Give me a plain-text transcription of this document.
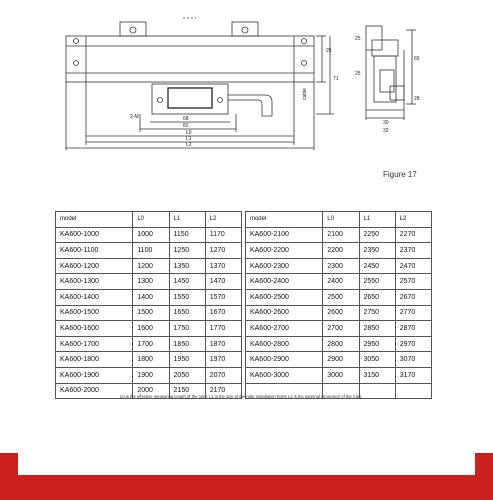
68
82
L0
L1
L2
2-M
25
71
65
30
32
28
25
25
cable
Figure 17
model	L0	L1	L2		model	L0	L1	L2
KA600-1000	1000	1150	1170		KA600-2100	2100	2250	2270
KA600-1100	1100	1250	1270		KA600-2200	2200	2350	2370
KA600-1200	1200	1350	1370		KA600-2300	2300	2450	2470
KA600-1300	1300	1450	1470		KA600-2400	2400	2550	2570
KA600-1400	1400	1550	1570		KA600-2500	2500	2650	2670
KA600-1500	1500	1650	1670		KA600-2600	2600	2750	2770
KA600-1600	1600	1750	1770		KA600-2700	2700	2850	2870
KA600-1700	1700	1850	1870		KA600-2800	2800	2950	2970
KA600-1800	1800	1950	1970		KA600-2900	2900	3050	3070
KA600-1900	1900	2050	2070		KA600-3000	3000	3150	3170
KA600-2000	2000	2150	2170					
L0 is the effective measuring length of the ruler, L1 is the size of the ruler installation holes L2 is the external dimension of the ruler.
